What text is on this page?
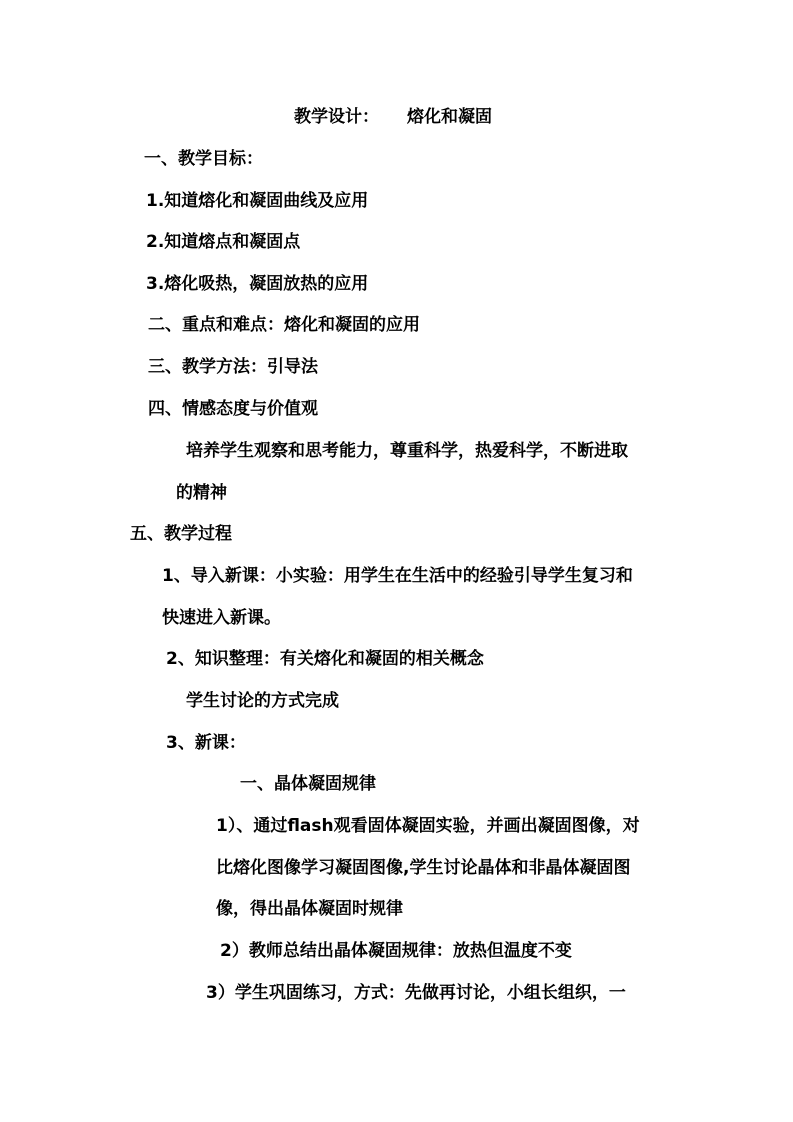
教学设计： 熔化和凝固
一、教学目标：
1.知道熔化和凝固曲线及应用
2.知道熔点和凝固点
3.熔化吸热，凝固放热的应用
二、重点和难点：熔化和凝固的应用
三、教学方法：引导法
四、情感态度与价值观
培养学生观察和思考能力，尊重科学，热爱科学，不断进取
的精神
五、教学过程
1、导入新课：小实验：用学生在生活中的经验引导学生复习和
快速进入新课。
2、知识整理：有关熔化和凝固的相关概念
学生讨论的方式完成
3、新课：
一、晶体凝固规律
1）、通过flash观看固体凝固实验，并画出凝固图像，对
比熔化图像学习凝固图像,学生讨论晶体和非晶体凝固图
像，得出晶体凝固时规律
2）教师总结出晶体凝固规律：放热但温度不变
3）学生巩固练习，方式：先做再讨论，小组长组织，一
